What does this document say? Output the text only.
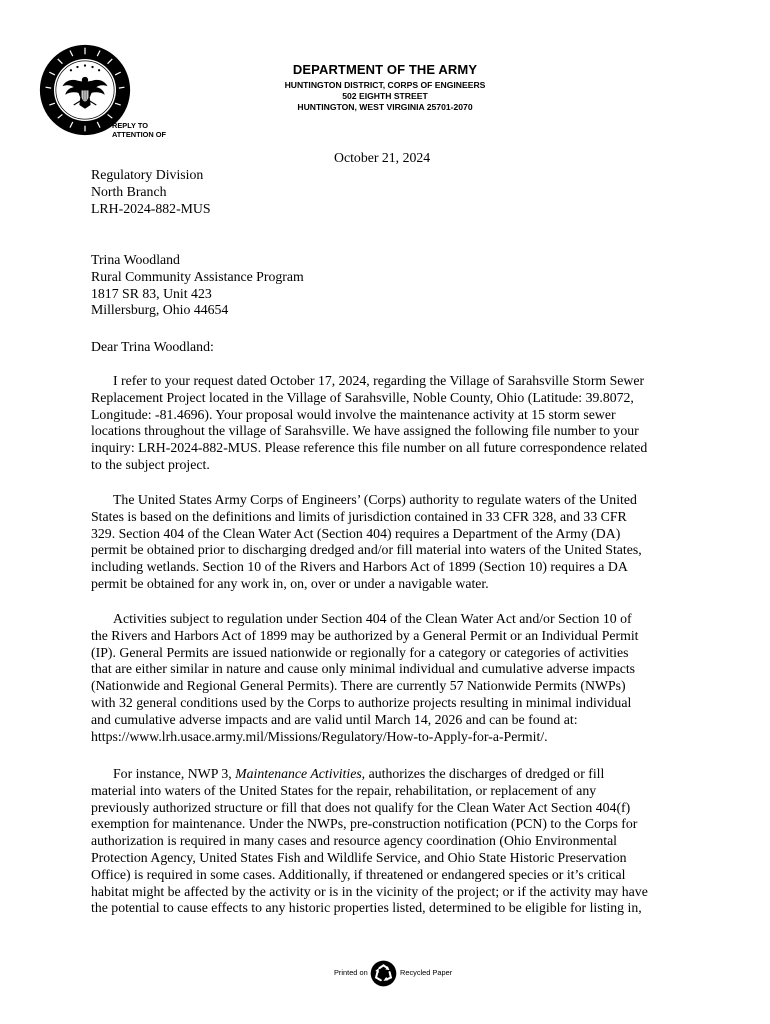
DEPARTMENT OF THE ARMY
HUNTINGTON DISTRICT, CORPS OF ENGINEERS
502 EIGHTH STREET
HUNTINGTON, WEST VIRGINIA 25701-2070
REPLY TO
ATTENTION OF
October 21, 2024
Regulatory Division
North Branch
LRH-2024-882-MUS
Trina Woodland
Rural Community Assistance Program
1817 SR 83, Unit 423
Millersburg, Ohio 44654
Dear Trina Woodland:
I refer to your request dated October 17, 2024, regarding the Village of Sarahsville Storm Sewer
Replacement Project located in the Village of Sarahsville, Noble County, Ohio (Latitude: 39.8072,
Longitude: -81.4696). Your proposal would involve the maintenance activity at 15 storm sewer
locations throughout the village of Sarahsville. We have assigned the following file number to your
inquiry: LRH-2024-882-MUS. Please reference this file number on all future correspondence related
to the subject project.
The United States Army Corps of Engineers’ (Corps) authority to regulate waters of the United
States is based on the definitions and limits of jurisdiction contained in 33 CFR 328, and 33 CFR
329. Section 404 of the Clean Water Act (Section 404) requires a Department of the Army (DA)
permit be obtained prior to discharging dredged and/or fill material into waters of the United States,
including wetlands. Section 10 of the Rivers and Harbors Act of 1899 (Section 10) requires a DA
permit be obtained for any work in, on, over or under a navigable water.
Activities subject to regulation under Section 404 of the Clean Water Act and/or Section 10 of
the Rivers and Harbors Act of 1899 may be authorized by a General Permit or an Individual Permit
(IP). General Permits are issued nationwide or regionally for a category or categories of activities
that are either similar in nature and cause only minimal individual and cumulative adverse impacts
(Nationwide and Regional General Permits). There are currently 57 Nationwide Permits (NWPs)
with 32 general conditions used by the Corps to authorize projects resulting in minimal individual
and cumulative adverse impacts and are valid until March 14, 2026 and can be found at:
https://www.lrh.usace.army.mil/Missions/Regulatory/How-to-Apply-for-a-Permit/.
For instance, NWP 3, Maintenance Activities, authorizes the discharges of dredged or fill
material into waters of the United States for the repair, rehabilitation, or replacement of any
previously authorized structure or fill that does not qualify for the Clean Water Act Section 404(f)
exemption for maintenance. Under the NWPs, pre-construction notification (PCN) to the Corps for
authorization is required in many cases and resource agency coordination (Ohio Environmental
Protection Agency, United States Fish and Wildlife Service, and Ohio State Historic Preservation
Office) is required in some cases. Additionally, if threatened or endangered species or it’s critical
habitat might be affected by the activity or is in the vicinity of the project; or if the activity may have
the potential to cause effects to any historic properties listed, determined to be eligible for listing in,
Printed on	Recycled Paper
